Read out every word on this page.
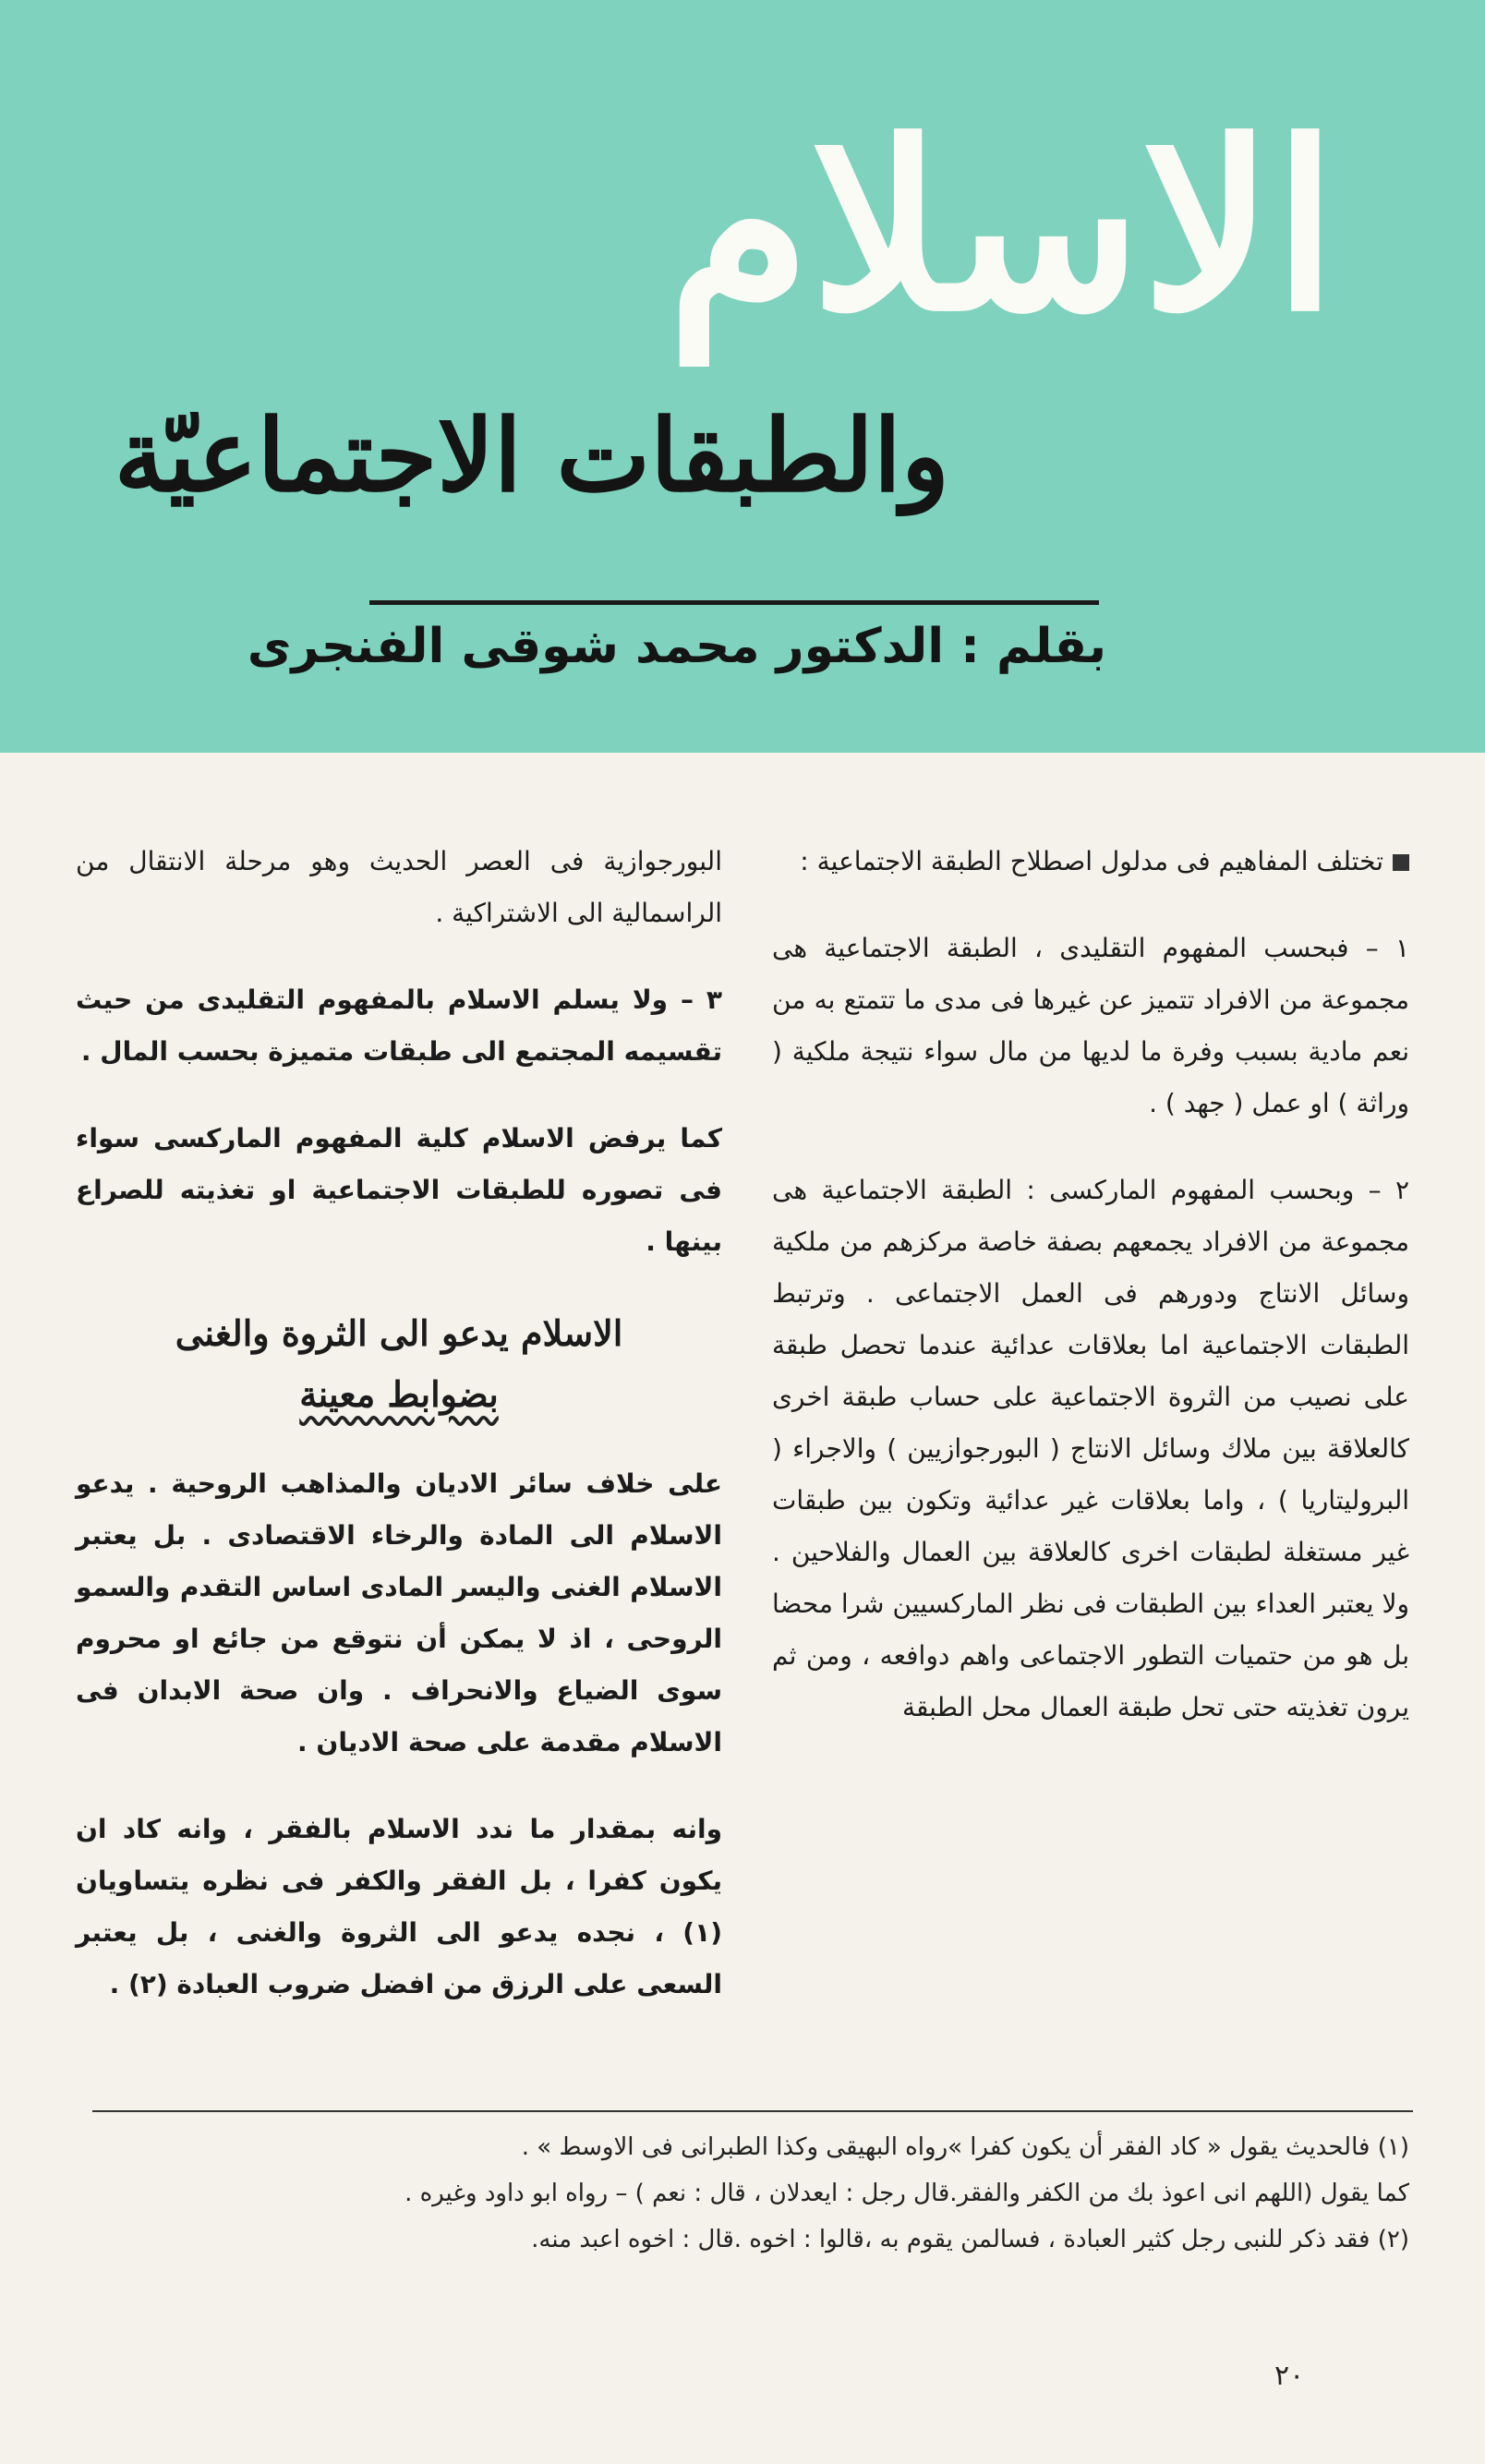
الاسلام
والطبقات الاجتماعيّة
بقلم : الدكتور محمد شوقى الفنجرى

تختلف المفاهيم فى مدلول اصطلاح الطبقة الاجتماعية :

١ – فبحسب المفهوم التقليدى ، الطبقة الاجتماعية هى مجموعة من الافراد تتميز عن غيرها فى مدى ما تتمتع به من نعم مادية بسبب وفرة ما لديها من مال سواء نتيجة ملكية ( وراثة ) او عمل ( جهد ) .

٢ – وبحسب المفهوم الماركسى : الطبقة الاجتماعية هى مجموعة من الافراد يجمعهم بصفة خاصة مركزهم من ملكية وسائل الانتاج ودورهم فى العمل الاجتماعى . وترتبط الطبقات الاجتماعية اما بعلاقات عدائية عندما تحصل طبقة على نصيب من الثروة الاجتماعية على حساب طبقة اخرى كالعلاقة بين ملاك وسائل الانتاج ( البورجوازيين ) والاجراء ( البروليتاريا ) ، واما بعلاقات غير عدائية وتكون بين طبقات غير مستغلة لطبقات اخرى كالعلاقة بين العمال والفلاحين . ولا يعتبر العداء بين الطبقات فى نظر الماركسيين شرا محضا بل هو من حتميات التطور الاجتماعى واهم دوافعه ، ومن ثم يرون تغذيته حتى تحل طبقة العمال محل الطبقة

البورجوازية فى العصر الحديث وهو مرحلة الانتقال من الراسمالية الى الاشتراكية .

٣ – ولا يسلم الاسلام بالمفهوم التقليدى من حيث تقسيمه المجتمع الى طبقات متميزة بحسب المال .

كما يرفض الاسلام كلية المفهوم الماركسى سواء فى تصوره للطبقات الاجتماعية او تغذيته للصراع بينها .

الاسلام يدعو الى الثروة والغنى
بضوابط معينة

على خلاف سائر الاديان والمذاهب الروحية . يدعو الاسلام الى المادة والرخاء الاقتصادى . بل يعتبر الاسلام الغنى واليسر المادى اساس التقدم والسمو الروحى ، اذ لا يمكن أن نتوقع من جائع او محروم سوى الضياع والانحراف . وان صحة الابدان فى الاسلام مقدمة على صحة الاديان .

وانه بمقدار ما ندد الاسلام بالفقر ، وانه كاد ان يكون كفرا ، بل الفقر والكفر فى نظره يتساويان (١) ، نجده يدعو الى الثروة والغنى ، بل يعتبر السعى على الرزق من افضل ضروب العبادة (٢) .

(١) فالحديث يقول « كاد الفقر أن يكون كفرا »رواه البهيقى وكذا الطبرانى فى الاوسط » .

كما يقول (اللهم انى اعوذ بك من الكفر والفقر.قال رجل : ايعدلان ، قال : نعم ) – رواه ابو داود وغيره .

(٢) فقد ذكر للنبى رجل كثير العبادة ، فسالمن يقوم به ،قالوا : اخوه .قال : اخوه اعبد منه.

٢٠
